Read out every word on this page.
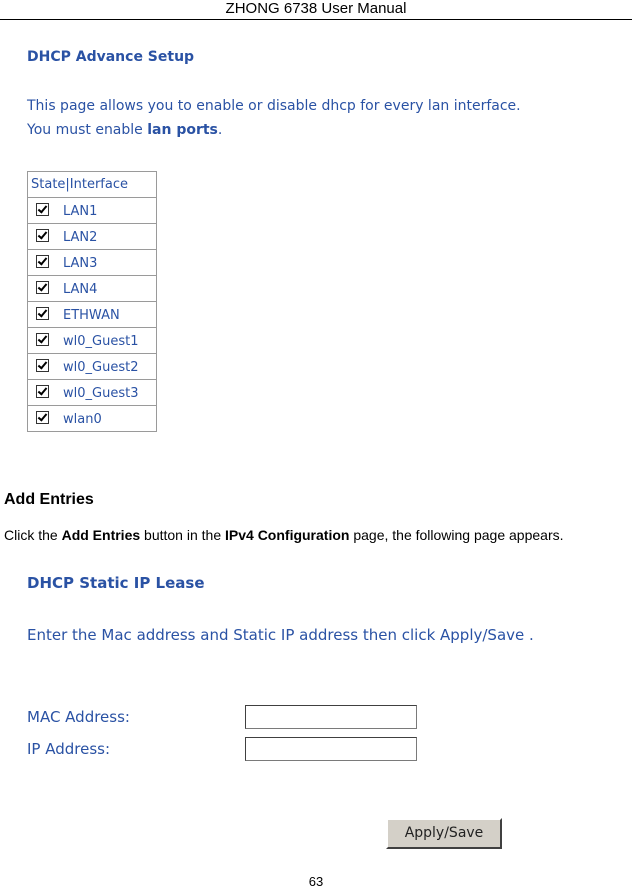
ZHONG 6738 User Manual
DHCP Advance Setup
This page allows you to enable or disable dhcp for every lan interface.
You must enable lan ports.
State|Interface
LAN1
LAN2
LAN3
LAN4
ETHWAN
wl0_Guest1
wl0_Guest2
wl0_Guest3
wlan0
Add Entries
Click the Add Entries button in the IPv4 Configuration page, the following page appears.
DHCP Static IP Lease
Enter the Mac address and Static IP address then click Apply/Save .
MAC Address:
IP Address:
Apply/Save
63
